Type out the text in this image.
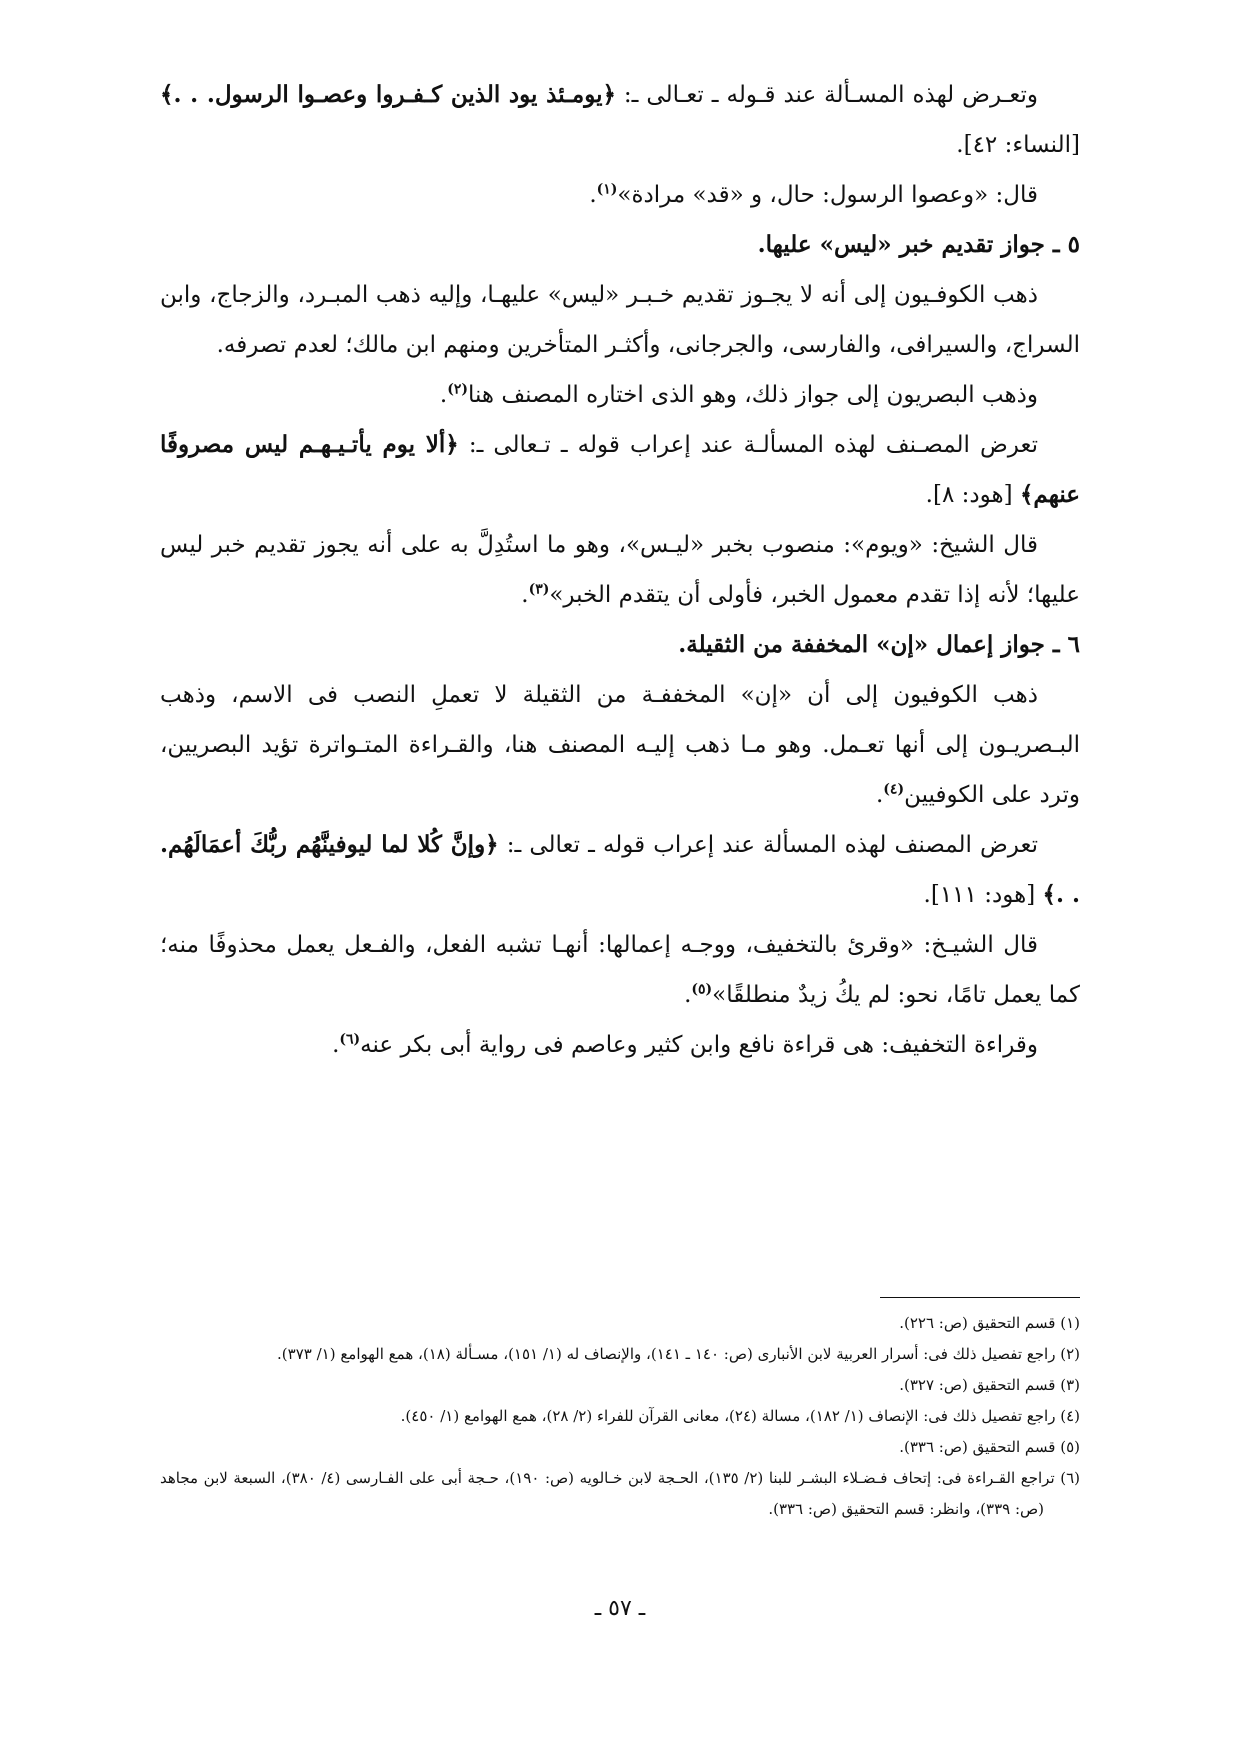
وتعـرض لهذه المسـألة عند قـوله ـ تعـالى ـ: ﴿يومـئذ يود الذين كـفـروا وعصـوا الرسول. . .﴾ [النساء: ٤٢].

قال: «وعصوا الرسول: حال، و «قد» مرادة»$^{(١)}$.

٥ ـ جواز تقديم خبر «ليس» عليها.

ذهب الكوفـيون إلى أنه لا يجـوز تقديم خـبـر «ليس» عليهـا، وإليه ذهب المبـرد، والزجاج، وابن السراج، والسيرافى، والفارسى، والجرجانى، وأكثـر المتأخرين ومنهم ابن مالك؛ لعدم تصرفه.

وذهب البصريون إلى جواز ذلك، وهو الذى اختاره المصنف هنا$^{(٢)}$.

تعرض المصـنف لهذه المسألـة عند إعراب قوله ـ تـعالى ـ: ﴿ألا يوم يأتـيـهـم ليس مصروفًا عنهم﴾ [هود: ٨].

قال الشيخ: «ويوم»: منصوب بخبر «ليـس»، وهو ما استُدِلَّ به على أنه يجوز تقديم خبر ليس عليها؛ لأنه إذا تقدم معمول الخبر، فأولى أن يتقدم الخبر»$^{(٣)}$.

٦ ـ جواز إعمال «إن» المخففة من الثقيلة.

ذهب الكوفيون إلى أن «إن» المخففـة من الثقيلة لا تعملِ النصب فى الاسم، وذهب البـصريـون إلى أنها تعـمل. وهو مـا ذهب إليـه المصنف هنا، والقـراءة المتـواترة تؤيد البصريين، وترد على الكوفيين$^{(٤)}$.

تعرض المصنف لهذه المسألة عند إعراب قوله ـ تعالى ـ: ﴿وإنَّ كُلا لما ليوفينَّهُم ربُّكَ أعمَالَهُم. . .﴾ [هود: ١١١].

قال الشيـخ: «وقرئ بالتخفيف، ووجـه إعمالها: أنهـا تشبه الفعل، والفـعل يعمل محذوفًا منه؛ كما يعمل تامًا، نحو: لم يكُ زيدٌ منطلقًا»$^{(٥)}$.

وقراءة التخفيف: هى قراءة نافع وابن كثير وعاصم فى رواية أبى بكر عنه$^{(٦)}$.

(١) قسم التحقيق (ص: ٢٢٦).

(٢) راجع تفصيل ذلك فى: أسرار العربية لابن الأنبارى (ص: ١٤٠ ـ ١٤١)، والإنصاف له (١/ ١٥١)، مسـألة (١٨)، همع الهوامع (١/ ٣٧٣).

(٣) قسم التحقيق (ص: ٣٢٧).

(٤) راجع تفصيل ذلك فى: الإنصاف (١/ ١٨٢)، مسالة (٢٤)، معانى القرآن للفراء (٢/ ٢٨)، همع الهوامع (١/ ٤٥٠).

(٥) قسم التحقيق (ص: ٣٣٦).

(٦) تراجع القـراءة فى: إتحاف فـضـلاء البشـر للبنا (٢/ ١٣٥)، الحـجة لابن خـالويه (ص: ١٩٠)، حـجة أبى على الفـارسى (٤/ ٣٨٠)، السبعة لابن مجاهد (ص: ٣٣٩)، وانظر: قسم التحقيق (ص: ٣٣٦).

ـ ٥٧ ـ
